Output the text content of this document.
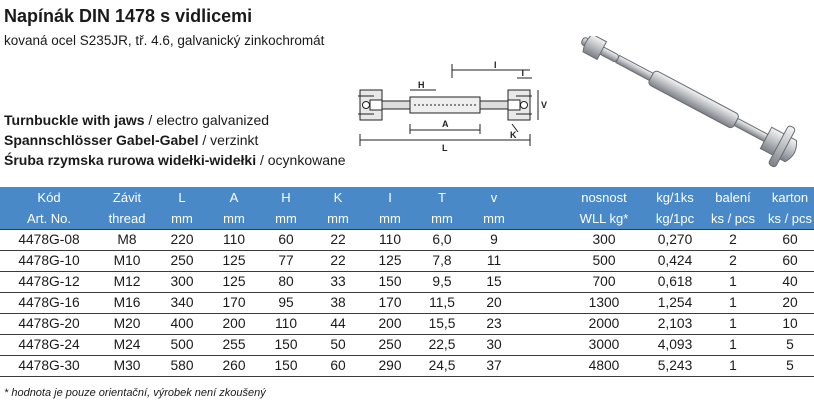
Napínák DIN 1478 s vidlicemi
kovaná ocel S235JR, tř. 4.6, galvanický zinkochromát
Turnbuckle with jaws / electro galvanized
Spannschlösser Gabel-Gabel / verzinkt
Śruba rzymska rurowa widełki-widełki / ocynkowane
H
A
L
I
T
K
V
Kód	Závit	L	A	H	K	I	T	v		nosnost	kg/1ks	balení	karton
Art. No.	thread	mm	mm	mm	mm	mm	mm	mm		WLL kg*	kg/1pc	ks / pcs	ks / pcs
4478G-08	M8	220	110	60	22	110	6,0	9		300	0,270	2	60
4478G-10	M10	250	125	77	22	125	7,8	11		500	0,424	2	60
4478G-12	M12	300	125	80	33	150	9,5	15		700	0,618	1	40
4478G-16	M16	340	170	95	38	170	11,5	20		1300	1,254	1	20
4478G-20	M20	400	200	110	44	200	15,5	23		2000	2,103	1	10
4478G-24	M24	500	255	150	50	250	22,5	30		3000	4,093	1	5
4478G-30	M30	580	260	150	60	290	24,5	37		4800	5,243	1	5
* hodnota je pouze orientační, výrobek není zkoušený
